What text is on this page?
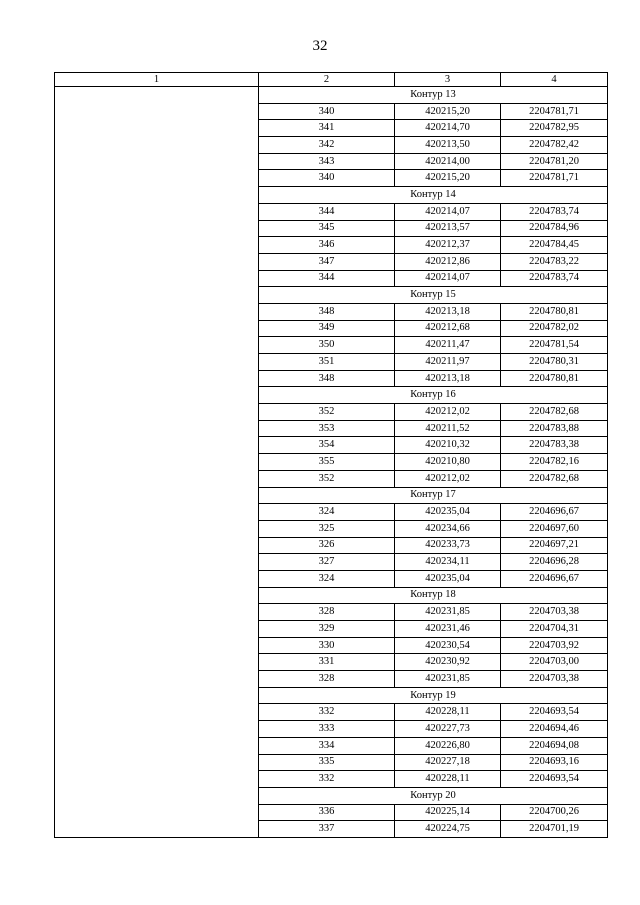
32
1	2	3	4
	Контур 13		
	340	420215,20	2204781,71
	341	420214,70	2204782,95
	342	420213,50	2204782,42
	343	420214,00	2204781,20
	340	420215,20	2204781,71
	Контур 14		
	344	420214,07	2204783,74
	345	420213,57	2204784,96
	346	420212,37	2204784,45
	347	420212,86	2204783,22
	344	420214,07	2204783,74
	Контур 15		
	348	420213,18	2204780,81
	349	420212,68	2204782,02
	350	420211,47	2204781,54
	351	420211,97	2204780,31
	348	420213,18	2204780,81
	Контур 16		
	352	420212,02	2204782,68
	353	420211,52	2204783,88
	354	420210,32	2204783,38
	355	420210,80	2204782,16
	352	420212,02	2204782,68
	Контур 17		
	324	420235,04	2204696,67
	325	420234,66	2204697,60
	326	420233,73	2204697,21
	327	420234,11	2204696,28
	324	420235,04	2204696,67
	Контур 18		
	328	420231,85	2204703,38
	329	420231,46	2204704,31
	330	420230,54	2204703,92
	331	420230,92	2204703,00
	328	420231,85	2204703,38
	Контур 19		
	332	420228,11	2204693,54
	333	420227,73	2204694,46
	334	420226,80	2204694,08
	335	420227,18	2204693,16
	332	420228,11	2204693,54
	Контур 20		
	336	420225,14	2204700,26
	337	420224,75	2204701,19
